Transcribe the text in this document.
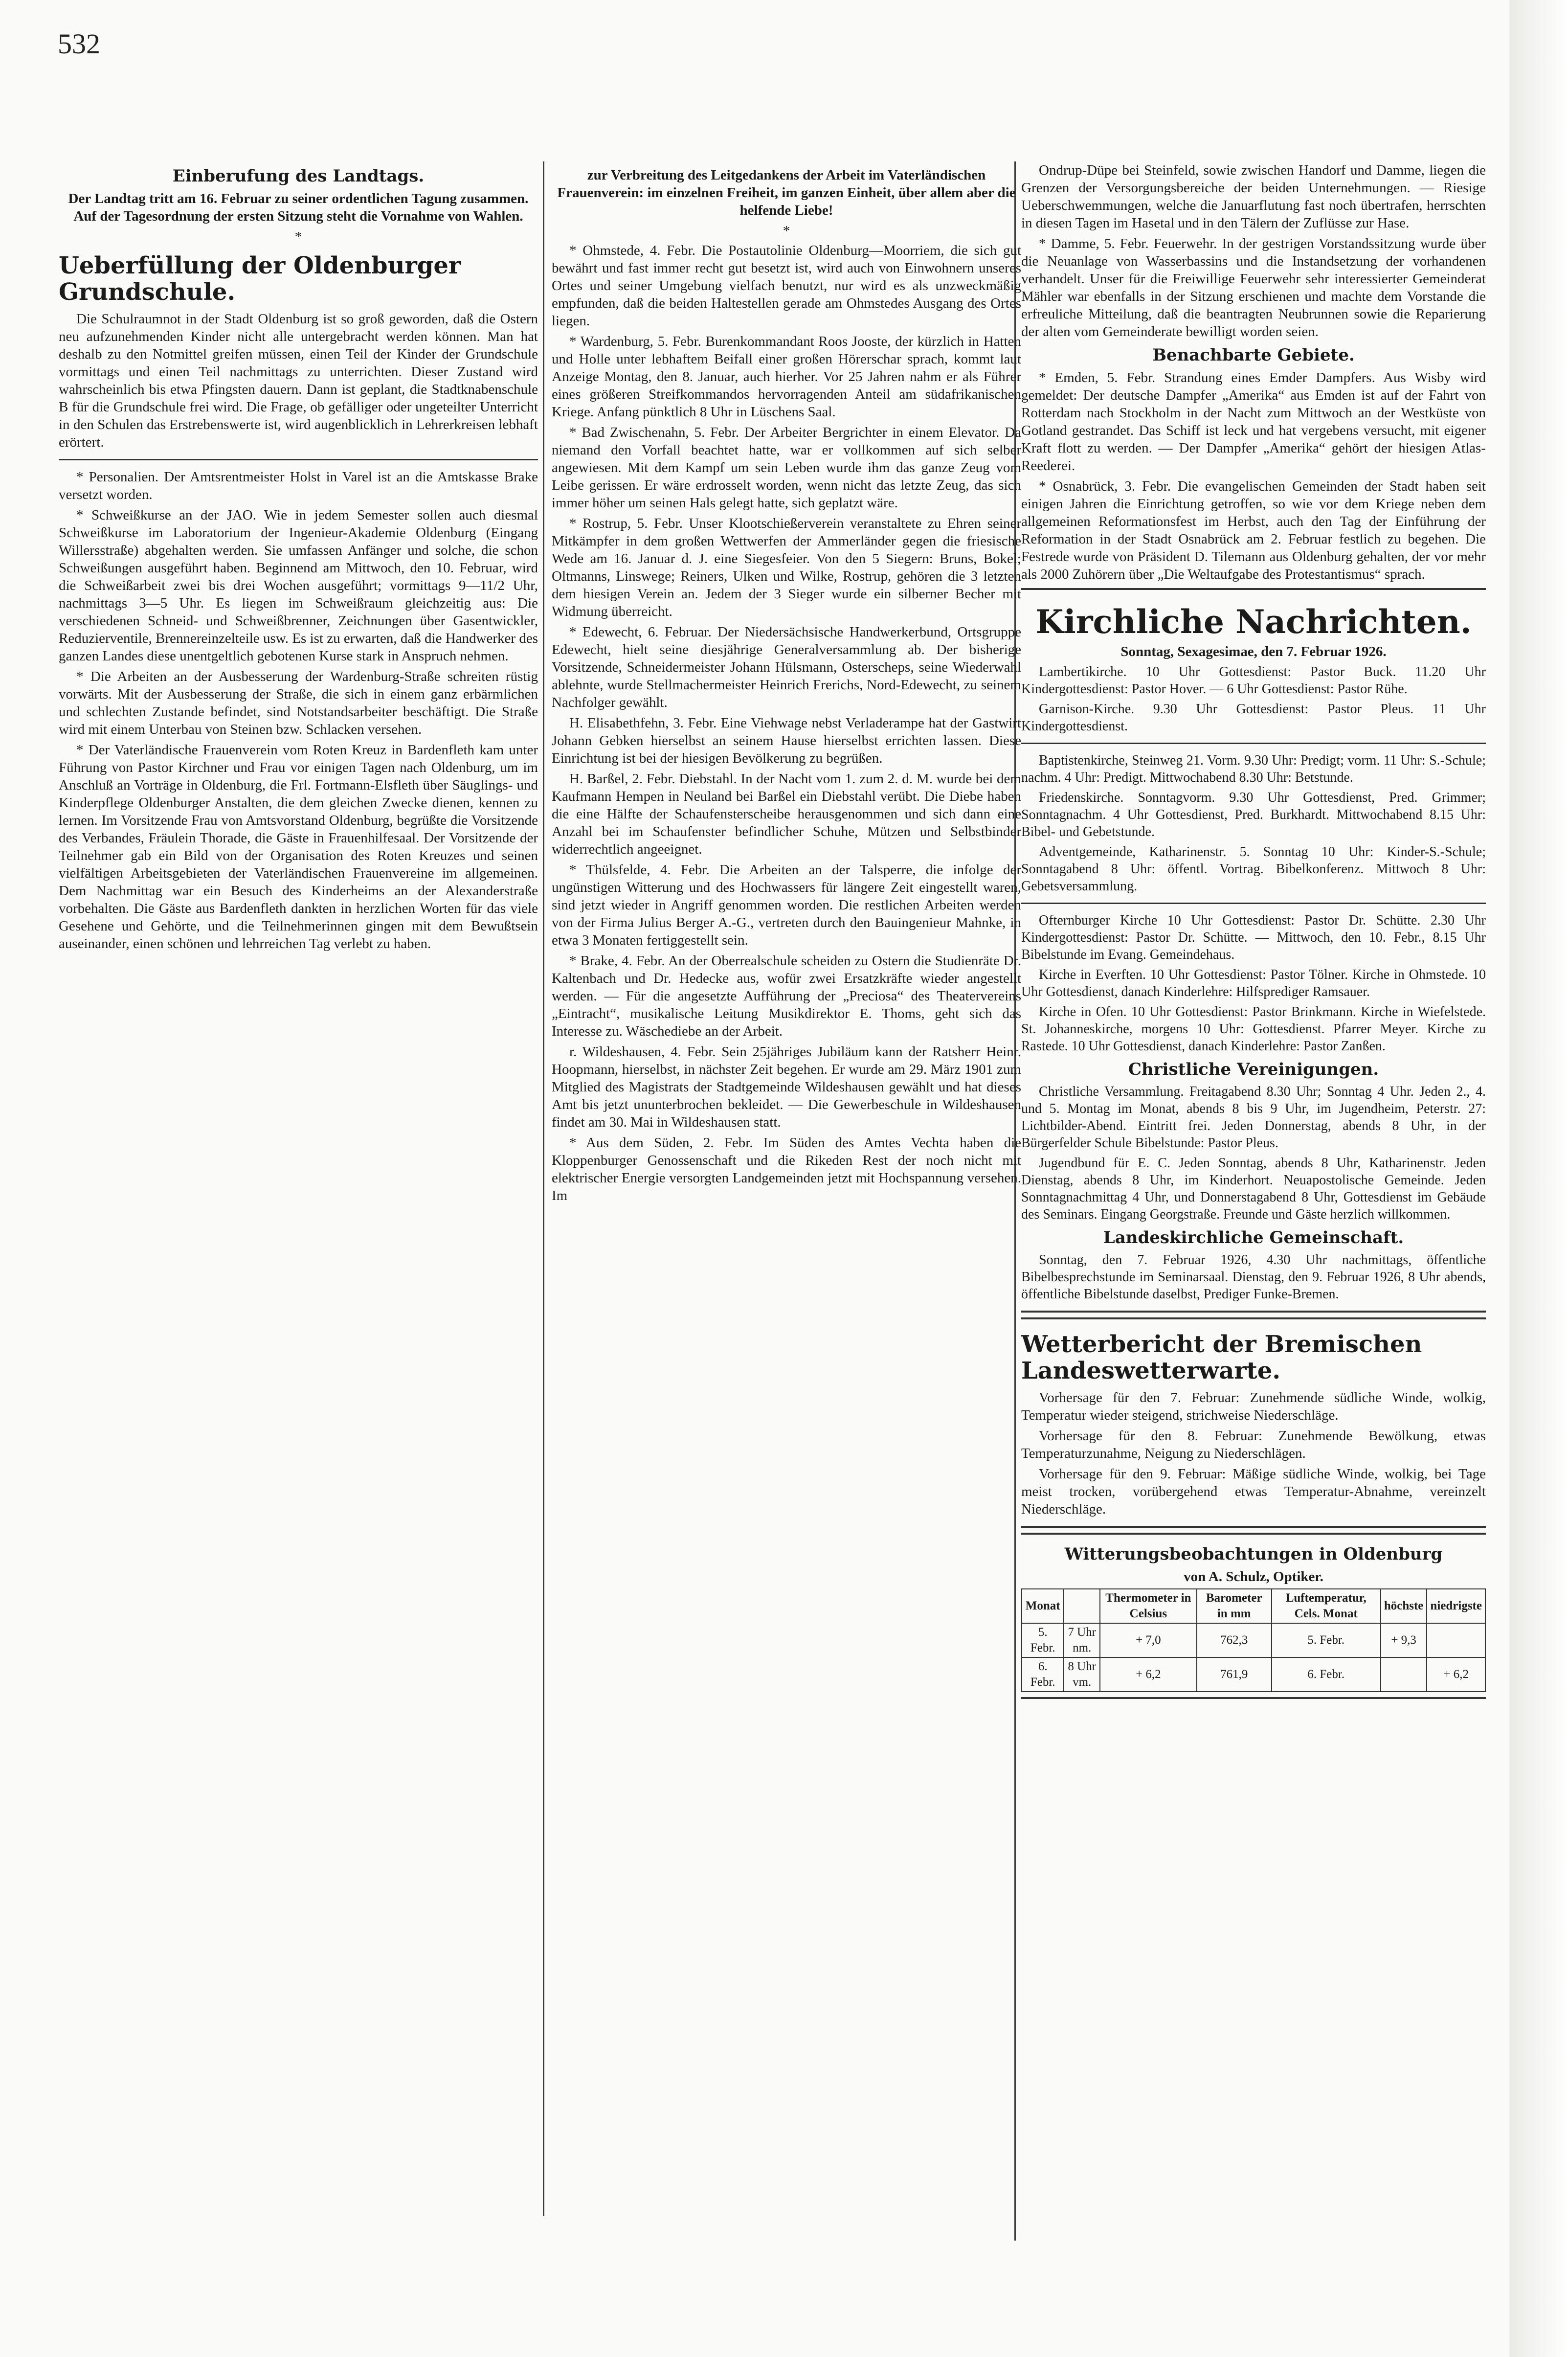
532
Einberufung des Landtags.

Der Landtag tritt am 16. Februar zu seiner ordentlichen Tagung zusammen. Auf der Tagesordnung der ersten Sitzung steht die Vornahme von Wahlen.

*
Ueberfüllung der Oldenburger Grundschule.

Die Schulraumnot in der Stadt Oldenburg ist so groß geworden, daß die Ostern neu aufzunehmenden Kinder nicht alle untergebracht werden können. Man hat deshalb zu den Notmittel greifen müssen, einen Teil der Kinder der Grundschule vormittags und einen Teil nachmittags zu unterrichten. Dieser Zustand wird wahrscheinlich bis etwa Pfingsten dauern. Dann ist geplant, die Stadtknabenschule B für die Grundschule frei wird. Die Frage, ob gefälliger oder ungeteilter Unterricht in den Schulen das Erstrebenswerte ist, wird augenblicklich in Lehrerkreisen lebhaft erörtert.

* Personalien. Der Amtsrentmeister Holst in Varel ist an die Amtskasse Brake versetzt worden.

* Schweißkurse an der JAO. Wie in jedem Semester sollen auch diesmal Schweißkurse im Laboratorium der Ingenieur-Akademie Oldenburg (Eingang Willersstraße) abgehalten werden. Sie umfassen Anfänger und solche, die schon Schweißungen ausgeführt haben. Beginnend am Mittwoch, den 10. Februar, wird die Schweißarbeit zwei bis drei Wochen ausgeführt; vormittags 9—11/2 Uhr, nachmittags 3—5 Uhr. Es liegen im Schweißraum gleichzeitig aus: Die verschiedenen Schneid- und Schweißbrenner, Zeichnungen über Gasentwickler, Reduzierventile, Brennereinzelteile usw. Es ist zu erwarten, daß die Handwerker des ganzen Landes diese unentgeltlich gebotenen Kurse stark in Anspruch nehmen.

* Die Arbeiten an der Ausbesserung der Wardenburg-Straße schreiten rüstig vorwärts. Mit der Ausbesserung der Straße, die sich in einem ganz erbärmlichen und schlechten Zustande befindet, sind Notstandsarbeiter beschäftigt. Die Straße wird mit einem Unterbau von Steinen bzw. Schlacken versehen.

* Der Vaterländische Frauenverein vom Roten Kreuz in Bardenfleth kam unter Führung von Pastor Kirchner und Frau vor einigen Tagen nach Oldenburg, um im Anschluß an Vorträge in Oldenburg, die Frl. Fortmann-Elsfleth über Säuglings- und Kinderpflege Oldenburger Anstalten, die dem gleichen Zwecke dienen, kennen zu lernen. Im Vorsitzende Frau von Amtsvorstand Oldenburg, begrüßte die Vorsitzende des Verbandes, Fräulein Thorade, die Gäste in Frauenhilfesaal. Der Vorsitzende der Teilnehmer gab ein Bild von der Organisation des Roten Kreuzes und seinen vielfältigen Arbeitsgebieten der Vaterländischen Frauenvereine im allgemeinen. Dem Nachmittag war ein Besuch des Kinderheims an der Alexanderstraße vorbehalten. Die Gäste aus Bardenfleth dankten in herzlichen Worten für das viele Gesehene und Gehörte, und die Teilnehmerinnen gingen mit dem Bewußtsein auseinander, einen schönen und lehrreichen Tag verlebt zu haben.

zur Verbreitung des Leitgedankens der Arbeit im Vaterländischen Frauenverein: im einzelnen Freiheit, im ganzen Einheit, über allem aber die helfende Liebe!

*

* Ohmstede, 4. Febr. Die Postautolinie Oldenburg—Moorriem, die sich gut bewährt und fast immer recht gut besetzt ist, wird auch von Einwohnern unseres Ortes und seiner Umgebung vielfach benutzt, nur wird es als unzweckmäßig empfunden, daß die beiden Haltestellen gerade am Ohmstedes Ausgang des Ortes liegen.

* Wardenburg, 5. Febr. Burenkommandant Roos Jooste, der kürzlich in Hatten und Holle unter lebhaftem Beifall einer großen Hörerschar sprach, kommt laut Anzeige Montag, den 8. Januar, auch hierher. Vor 25 Jahren nahm er als Führer eines größeren Streifkommandos hervorragenden Anteil am südafrikanischen Kriege. Anfang pünktlich 8 Uhr in Lüschens Saal.

* Bad Zwischenahn, 5. Febr. Der Arbeiter Bergrichter in einem Elevator. Da niemand den Vorfall beachtet hatte, war er vollkommen auf sich selber angewiesen. Mit dem Kampf um sein Leben wurde ihm das ganze Zeug vom Leibe gerissen. Er wäre erdrosselt worden, wenn nicht das letzte Zeug, das sich immer höher um seinen Hals gelegt hatte, sich geplatzt wäre.

* Rostrup, 5. Febr. Unser Klootschießerverein veranstaltete zu Ehren seiner Mitkämpfer in dem großen Wettwerfen der Ammerländer gegen die friesische Wede am 16. Januar d. J. eine Siegesfeier. Von den 5 Siegern: Bruns, Bokel; Oltmanns, Linswege; Reiners, Ulken und Wilke, Rostrup, gehören die 3 letzten dem hiesigen Verein an. Jedem der 3 Sieger wurde ein silberner Becher mit Widmung überreicht.

* Edewecht, 6. Februar. Der Niedersächsische Handwerkerbund, Ortsgruppe Edewecht, hielt seine diesjährige Generalversammlung ab. Der bisherige Vorsitzende, Schneidermeister Johann Hülsmann, Osterscheps, seine Wiederwahl ablehnte, wurde Stellmachermeister Heinrich Frerichs, Nord-Edewecht, zu seinem Nachfolger gewählt.

H. Elisabethfehn, 3. Febr. Eine Viehwage nebst Verladerampe hat der Gastwirt Johann Gebken hierselbst an seinem Hause hierselbst errichten lassen. Diese Einrichtung ist bei der hiesigen Bevölkerung zu begrüßen.

H. Barßel, 2. Febr. Diebstahl. In der Nacht vom 1. zum 2. d. M. wurde bei dem Kaufmann Hempen in Neuland bei Barßel ein Diebstahl verübt. Die Diebe haben die eine Hälfte der Schaufensterscheibe herausgenommen und sich dann eine Anzahl bei im Schaufenster befindlicher Schuhe, Mützen und Selbstbinder widerrechtlich angeeignet.

* Thülsfelde, 4. Febr. Die Arbeiten an der Talsperre, die infolge der ungünstigen Witterung und des Hochwassers für längere Zeit eingestellt waren, sind jetzt wieder in Angriff genommen worden. Die restlichen Arbeiten werden von der Firma Julius Berger A.-G., vertreten durch den Bauingenieur Mahnke, in etwa 3 Monaten fertiggestellt sein.

* Brake, 4. Febr. An der Oberrealschule scheiden zu Ostern die Studienräte Dr. Kaltenbach und Dr. Hedecke aus, wofür zwei Ersatzkräfte wieder angestellt werden. — Für die angesetzte Aufführung der „Preciosa“ des Theatervereins „Eintracht“, musikalische Leitung Musikdirektor E. Thoms, geht sich das Interesse zu. Wäschediebe an der Arbeit.

r. Wildeshausen, 4. Febr. Sein 25jähriges Jubiläum kann der Ratsherr Heinr. Hoopmann, hierselbst, in nächster Zeit begehen. Er wurde am 29. März 1901 zum Mitglied des Magistrats der Stadtgemeinde Wildeshausen gewählt und hat dieses Amt bis jetzt ununterbrochen bekleidet. — Die Gewerbeschule in Wildeshausen findet am 30. Mai in Wildeshausen statt.

* Aus dem Süden, 2. Febr. Im Süden des Amtes Vechta haben die Kloppenburger Genossenschaft und die Rikeden Rest der noch nicht mit elektrischer Energie versorgten Landgemeinden jetzt mit Hochspannung versehen. Im

Ondrup-Düpe bei Steinfeld, sowie zwischen Handorf und Damme, liegen die Grenzen der Versorgungsbereiche der beiden Unternehmungen. — Riesige Ueberschwemmungen, welche die Januarflutung fast noch übertrafen, herrschten in diesen Tagen im Hasetal und in den Tälern der Zuflüsse zur Hase.

* Damme, 5. Febr. Feuerwehr. In der gestrigen Vorstandssitzung wurde über die Neuanlage von Wasserbassins und die Instandsetzung der vorhandenen verhandelt. Unser für die Freiwillige Feuerwehr sehr interessierter Gemeinderat Mähler war ebenfalls in der Sitzung erschienen und machte dem Vorstande die erfreuliche Mitteilung, daß die beantragten Neubrunnen sowie die Reparierung der alten vom Gemeinderate bewilligt worden seien.

Benachbarte Gebiete.

* Emden, 5. Febr. Strandung eines Emder Dampfers. Aus Wisby wird gemeldet: Der deutsche Dampfer „Amerika“ aus Emden ist auf der Fahrt von Rotterdam nach Stockholm in der Nacht zum Mittwoch an der Westküste von Gotland gestrandet. Das Schiff ist leck und hat vergebens versucht, mit eigener Kraft flott zu werden. — Der Dampfer „Amerika“ gehört der hiesigen Atlas-Reederei.

* Osnabrück, 3. Febr. Die evangelischen Gemeinden der Stadt haben seit einigen Jahren die Einrichtung getroffen, so wie vor dem Kriege neben dem allgemeinen Reformationsfest im Herbst, auch den Tag der Einführung der Reformation in der Stadt Osnabrück am 2. Februar festlich zu begehen. Die Festrede wurde von Präsident D. Tilemann aus Oldenburg gehalten, der vor mehr als 2000 Zuhörern über „Die Weltaufgabe des Protestantismus“ sprach.

Kirchliche Nachrichten.

Sonntag, Sexagesimae, den 7. Februar 1926.

Lambertikirche. 10 Uhr Gottesdienst: Pastor Buck. 11.20 Uhr Kindergottesdienst: Pastor Hover. — 6 Uhr Gottesdienst: Pastor Rühe.

Garnison-Kirche. 9.30 Uhr Gottesdienst: Pastor Pleus. 11 Uhr Kindergottesdienst.

Baptistenkirche, Steinweg 21. Vorm. 9.30 Uhr: Predigt; vorm. 11 Uhr: S.-Schule; nachm. 4 Uhr: Predigt. Mittwochabend 8.30 Uhr: Betstunde.

Friedenskirche. Sonntagvorm. 9.30 Uhr Gottesdienst, Pred. Grimmer; Sonntagnachm. 4 Uhr Gottesdienst, Pred. Burkhardt. Mittwochabend 8.15 Uhr: Bibel- und Gebetstunde.

Adventgemeinde, Katharinenstr. 5. Sonntag 10 Uhr: Kinder-S.-Schule; Sonntagabend 8 Uhr: öffentl. Vortrag. Bibelkonferenz. Mittwoch 8 Uhr: Gebetsversammlung.

Ofternburger Kirche 10 Uhr Gottesdienst: Pastor Dr. Schütte. 2.30 Uhr Kindergottesdienst: Pastor Dr. Schütte. — Mittwoch, den 10. Febr., 8.15 Uhr Bibelstunde im Evang. Gemeindehaus.

Kirche in Everften. 10 Uhr Gottesdienst: Pastor Tölner. Kirche in Ohmstede. 10 Uhr Gottesdienst, danach Kinderlehre: Hilfsprediger Ramsauer.

Kirche in Ofen. 10 Uhr Gottesdienst: Pastor Brinkmann. Kirche in Wiefelstede. St. Johanneskirche, morgens 10 Uhr: Gottesdienst. Pfarrer Meyer. Kirche zu Rastede. 10 Uhr Gottesdienst, danach Kinderlehre: Pastor Zanßen.

Christliche Vereinigungen.

Christliche Versammlung. Freitagabend 8.30 Uhr; Sonntag 4 Uhr. Jeden 2., 4. und 5. Montag im Monat, abends 8 bis 9 Uhr, im Jugendheim, Peterstr. 27: Lichtbilder-Abend. Eintritt frei. Jeden Donnerstag, abends 8 Uhr, in der Bürgerfelder Schule Bibelstunde: Pastor Pleus.

Jugendbund für E. C. Jeden Sonntag, abends 8 Uhr, Katharinenstr. Jeden Dienstag, abends 8 Uhr, im Kinderhort. Neuapostolische Gemeinde. Jeden Sonntagnachmittag 4 Uhr, und Donnerstagabend 8 Uhr, Gottesdienst im Gebäude des Seminars. Eingang Georgstraße. Freunde und Gäste herzlich willkommen.

Landeskirchliche Gemeinschaft.

Sonntag, den 7. Februar 1926, 4.30 Uhr nachmittags, öffentliche Bibelbesprechstunde im Seminarsaal. Dienstag, den 9. Februar 1926, 8 Uhr abends, öffentliche Bibelstunde daselbst, Prediger Funke-Bremen.

Wetterbericht der Bremischen Landeswetterwarte.

Vorhersage für den 7. Februar: Zunehmende südliche Winde, wolkig, Temperatur wieder steigend, strichweise Niederschläge.

Vorhersage für den 8. Februar: Zunehmende Bewölkung, etwas Temperaturzunahme, Neigung zu Niederschlägen.

Vorhersage für den 9. Februar: Mäßige südliche Winde, wolkig, bei Tage meist trocken, vorübergehend etwas Temperatur-Abnahme, vereinzelt Niederschläge.

Witterungsbeobachtungen in Oldenburg

von A. Schulz, Optiker.

Monat		Thermometer in Celsius	Barometer in mm	Luftemperatur, Cels. Monat	höchste	niedrigste
5. Febr.	7 Uhr nm.	+ 7,0	762,3	5. Febr.	+ 9,3	
6. Febr.	8 Uhr vm.	+ 6,2	761,9	6. Febr.		+ 6,2
